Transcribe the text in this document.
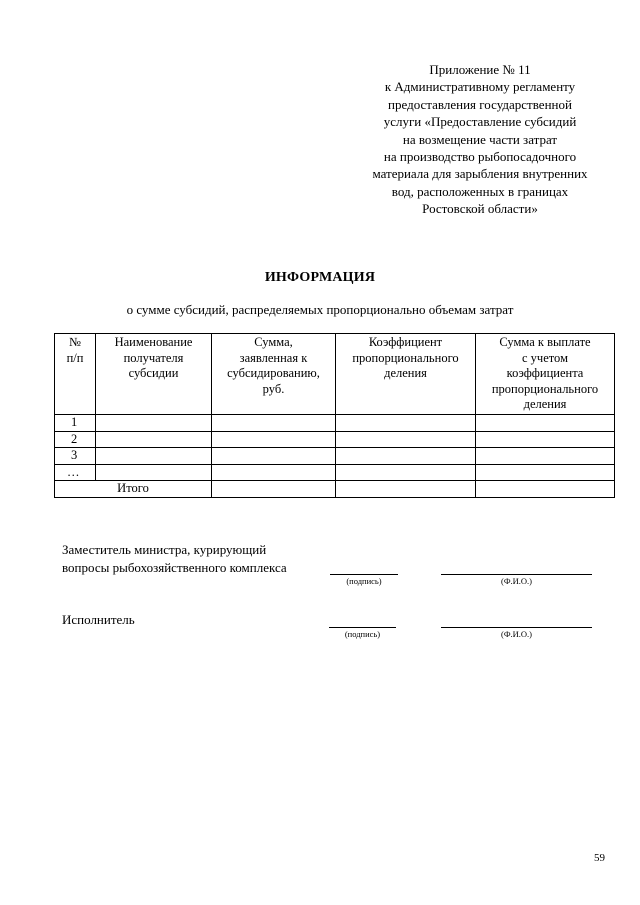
Приложение № 11
к Административному регламенту
предоставления государственной
услуги «Предоставление субсидий
на возмещение части затрат
на производство рыбопосадочного
материала для зарыбления внутренних
вод, расположенных в границах
Ростовской области»
ИНФОРМАЦИЯ
о сумме субсидий, распределяемых пропорционально объемам затрат
№
п/п	Наименование
получателя
субсидии	Сумма,
заявленная к
субсидированию,
руб.	Коэффициент
пропорционального
деления	Сумма к выплате
с учетом
коэффициента
пропорционального
деления
1				
2				
3				
…				
Итого				
Заместитель министра, курирующий
вопросы рыбохозяйственного комплекса
(подпись)	(Ф.И.О.)
Исполнитель
(подпись)	(Ф.И.О.)
59
